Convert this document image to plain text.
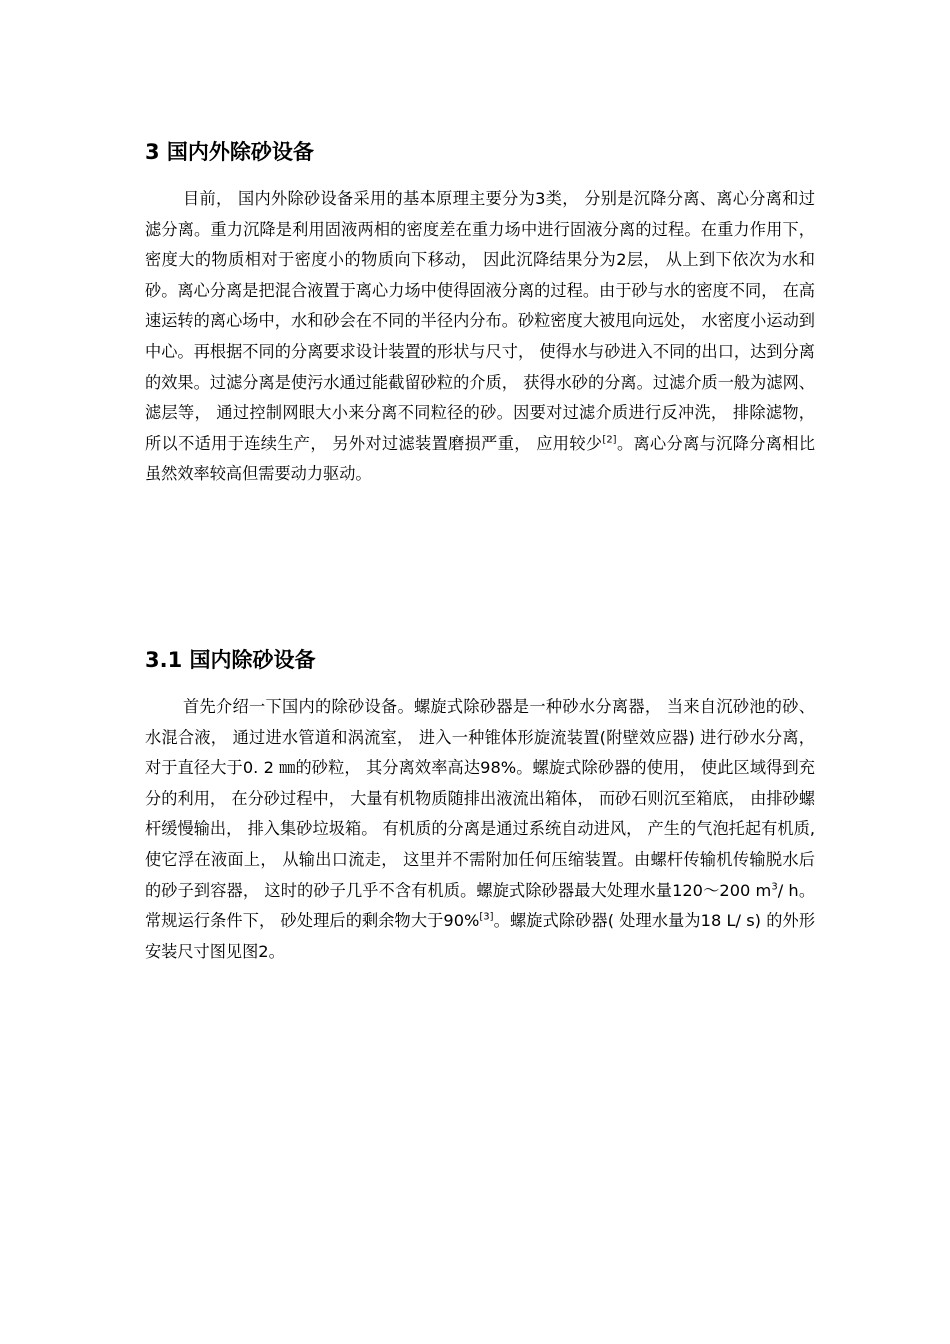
3 国内外除砂设备
目前， 国内外除砂设备采用的基本原理主要分为3类， 分别是沉降分离、离心分离和过滤分离。重力沉降是利用固液两相的密度差在重力场中进行固液分离的过程。在重力作用下， 密度大的物质相对于密度小的物质向下移动， 因此沉降结果分为2层， 从上到下依次为水和砂。离心分离是把混合液置于离心力场中使得固液分离的过程。由于砂与水的密度不同， 在高速运转的离心场中，水和砂会在不同的半径内分布。砂粒密度大被甩向远处， 水密度小运动到中心。再根据不同的分离要求设计装置的形状与尺寸， 使得水与砂进入不同的出口，达到分离的效果。过滤分离是使污水通过能截留砂粒的介质， 获得水砂的分离。过滤介质一般为滤网、滤层等， 通过控制网眼大小来分离不同粒径的砂。因要对过滤介质进行反冲洗， 排除滤物， 所以不适用于连续生产， 另外对过滤装置磨损严重， 应用较少[2]。离心分离与沉降分离相比虽然效率较高但需要动力驱动。
3.1 国内除砂设备
首先介绍一下国内的除砂设备。螺旋式除砂器是一种砂水分离器， 当来自沉砂池的砂、水混合液， 通过进水管道和涡流室， 进入一种锥体形旋流装置(附壁效应器) 进行砂水分离， 对于直径大于0. 2 ㎜的砂粒， 其分离效率高达98%。螺旋式除砂器的使用， 使此区域得到充分的利用， 在分砂过程中， 大量有机物质随排出液流出箱体， 而砂石则沉至箱底， 由排砂螺杆缓慢输出， 排入集砂垃圾箱。 有机质的分离是通过系统自动进风， 产生的气泡托起有机质,使它浮在液面上， 从输出口流走， 这里并不需附加任何压缩装置。由螺杆传输机传输脱水后的砂子到容器， 这时的砂子几乎不含有机质。螺旋式除砂器最大处理水量120～200 $m^3/$ h。常规运行条件下， 砂处理后的剩余物大于90%[3]。螺旋式除砂器( 处理水量为18 L/ s) 的外形安装尺寸图见图2。
